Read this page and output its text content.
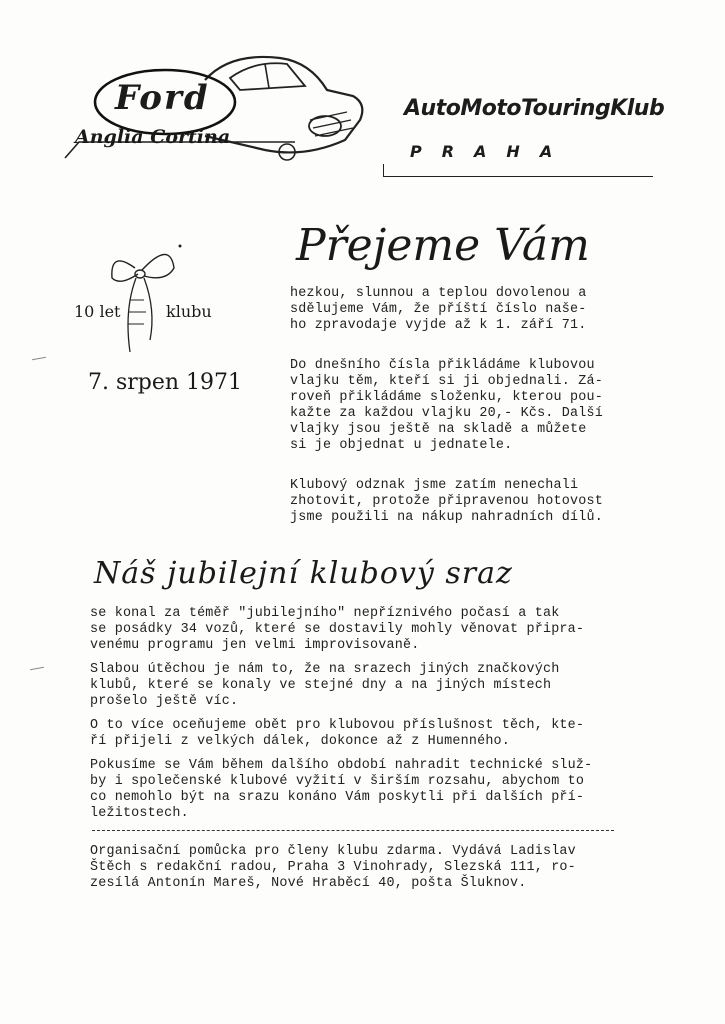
Ford
Anglia Cortina
AutoMotoTouringKlub
PRAHA
10 let	klubu
7. srpen 1971
Přejeme Vám

hezkou, slunnou a teplou dovolenou a
sdělujeme Vám, že příští číslo naše-
ho zpravodaje vyjde až k 1. září 71.

Do dnešního čísla přikládáme klubovou
vlajku těm, kteří si ji objednali. Zá-
roveň přikládáme složenku, kterou pou-
kažte za každou vlajku 20,- Kčs. Další
vlajky jsou ještě na skladě a můžete
si je objednat u jednatele.

Klubový odznak jsme zatím nenechali
zhotovit, protože připravenou hotovost
jsme použili na nákup nahradních dílů.

Náš jubilejní klubový sraz

se konal za téměř "jubilejního" nepříznivého počasí a tak
se posádky 34 vozů, které se dostavily mohly věnovat připra-
venému programu jen velmi improvisovaně.

Slabou útěchou je nám to, že na srazech jiných značkových
klubů, které se konaly ve stejné dny a na jiných místech
prošelo ještě víc.

O to více oceňujeme obět pro klubovou příslušnost těch, kte-
ří přijeli z velkých dálek, dokonce až z Humenného.

Pokusíme se Vám během dalšího období nahradit technické služ-
by i společenské klubové vyžití v širším rozsahu, abychom to
co nemohlo být na srazu konáno Vám poskytli při dalších pří-
ležitostech.

Organisační pomůcka pro členy klubu zdarma. Vydává Ladislav
Štěch s redakční radou, Praha 3 Vinohrady, Slezská 111, ro-
zesílá Antonín Mareš, Nové Hraběcí 40, pošta Šluknov.
